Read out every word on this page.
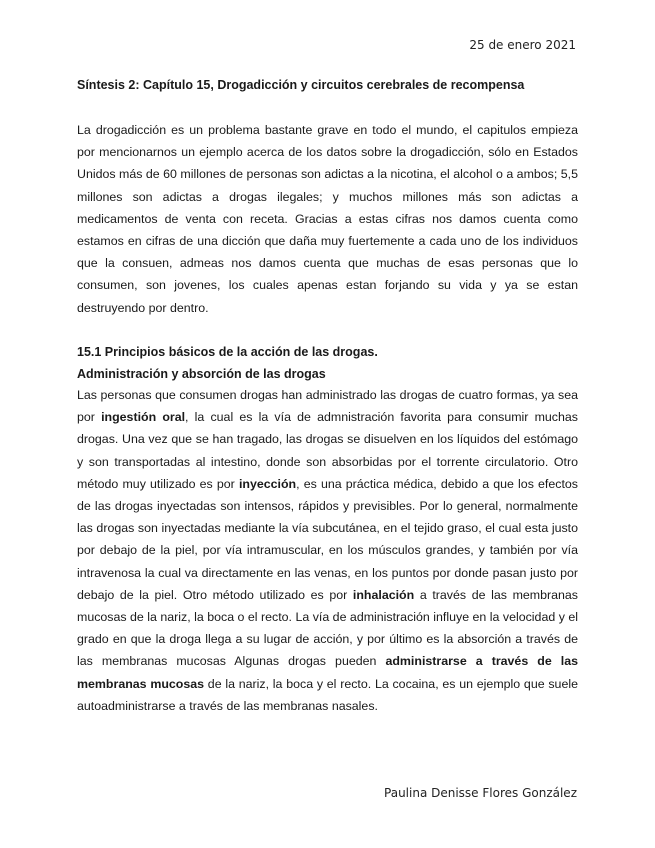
25 de enero 2021
Síntesis 2: Capítulo 15, Drogadicción y circuitos cerebrales de recompensa

La drogadicción es un problema bastante grave en todo el mundo, el capitulos empieza por mencionarnos un ejemplo acerca de los datos sobre la drogadicción, sólo en Estados Unidos más de 60 millones de personas son adictas a la nicotina, el alcohol o a ambos; 5,5 millones son adictas a drogas ilegales; y muchos millones más son adictas a medicamentos de venta con receta. Gracias a estas cifras nos damos cuenta como estamos en cifras de una dicción que daña muy fuertemente a cada uno de los individuos que la consuen, admeas nos damos cuenta que muchas de esas personas que lo consumen, son jovenes, los cuales apenas estan forjando su vida y ya se estan destruyendo por dentro.

15.1 Principios básicos de la acción de las drogas.
Administración y absorción de las drogas

Las personas que consumen drogas han administrado las drogas de cuatro formas, ya sea por ingestión oral, la cual es la vía de admnistración favorita para consumir muchas drogas. Una vez que se han tragado, las drogas se disuelven en los líquidos del estómago y son transportadas al intestino, donde son absorbidas por el torrente circulatorio. Otro método muy utilizado es por inyección, es una práctica médica, debido a que los efectos de las drogas inyectadas son intensos, rápidos y previsibles. Por lo general, normalmente las drogas son inyectadas mediante la vía subcutánea, en el tejido graso, el cual esta justo por debajo de la piel, por vía intramuscular, en los músculos grandes, y también por vía intravenosa la cual va directamente en las venas, en los puntos por donde pasan justo por debajo de la piel. Otro método utilizado es por inhalación a través de las membranas mucosas de la nariz, la boca o el recto. La vía de administración influye en la velocidad y el grado en que la droga llega a su lugar de acción, y por último es la absorción a través de las membranas mucosas Algunas drogas pueden administrarse a través de las membranas mucosas de la nariz, la boca y el recto. La cocaina, es un ejemplo que suele autoadministrarse a través de las membranas nasales.

Paulina Denisse Flores González
